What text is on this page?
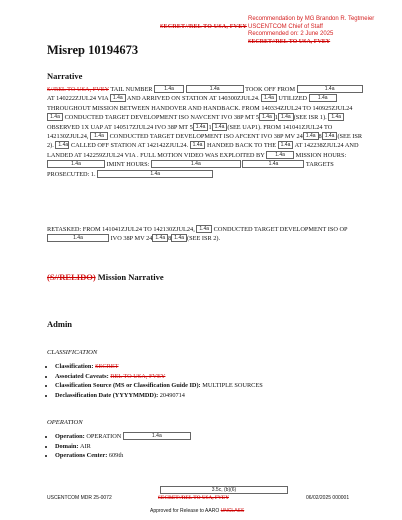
SECRET//REL TO USA, FVEY
Recommendation by MG Brandon R. Tegtmeier
USCENTCOM Chief of Staff
Recommended on: 2 June 2025
SECRET//REL TO USA, FVEY
Misrep 10194673
Narrative

S//REL TO USA, FVEY TAIL NUMBER 1.4a	1.4a	TOOK OFF FROM	1.4a AT 140222ZJUL24 VIA 1.4a AND ARRIVED ON STATION AT 140300ZJUL24. 1.4a UTILIZED 1.4a THROUGHOUT MISSION BETWEEN HANDOVER AND HANDBACK. FROM 140334ZJUL24 TO 140925ZJUL24 1.4a CONDUCTED TARGET DEVELOPMENT ISO NAVCENT IVO 38P MT 5 1.4a 1 1.4a (SEE ISR 1). 1.4a OBSERVED 1X UAP AT 140517ZJUL24 IVO 38P MT 5 1.4a 1 1.4a (SEE UAP1). FROM 141041ZJUL24 TO 142130ZJUL24, 1.4a CONDUCTED TARGET DEVELOPMENT ISO AFCENT IVO 38P MV 24 1.4a 8 1.4a (SEE ISR 2). 1.4a CALLED OFF STATION AT 142142ZJUL24. 1.4a HANDED BACK TO THE 1.4a AT 142238ZJUL24 AND LANDED AT 142259ZJUL24 VIA . FULL MOTION VIDEO WAS EXPLOITED BY 1.4a MISSION HOURS: 1.4a	IMINT HOURS:	1.4a	1.4a	TARGETS PROSECUTED: 1.	1.4a

RETASKED: FROM 141041ZJUL24 TO 142130ZJUL24, 1.4a CONDUCTED TARGET DEVELOPMENT ISO OP 1.4a	IVO 38P MV 24 1.4a 8 1.4a (SEE ISR 2).

(S//RELIDO) Mission Narrative
Admin
CLASSIFICATION
• Classification: SECRET
• Associated Caveats: REL TO USA, FVEY
• Classification Source (MS or Classification Guide ID): MULTIPLE SOURCES
• Declassification Date (YYYYMMDD): 20490714
OPERATION
• Operation: OPERATION	1.4a
• Domain: AIR
• Operations Center: 609th
3.5c, (b)(6)
USCENTCOM MDR 25-0072	SECRET//REL TO USA, FVEY	06/02/2025 000001
Approved for Release to AARO UNCLASS
